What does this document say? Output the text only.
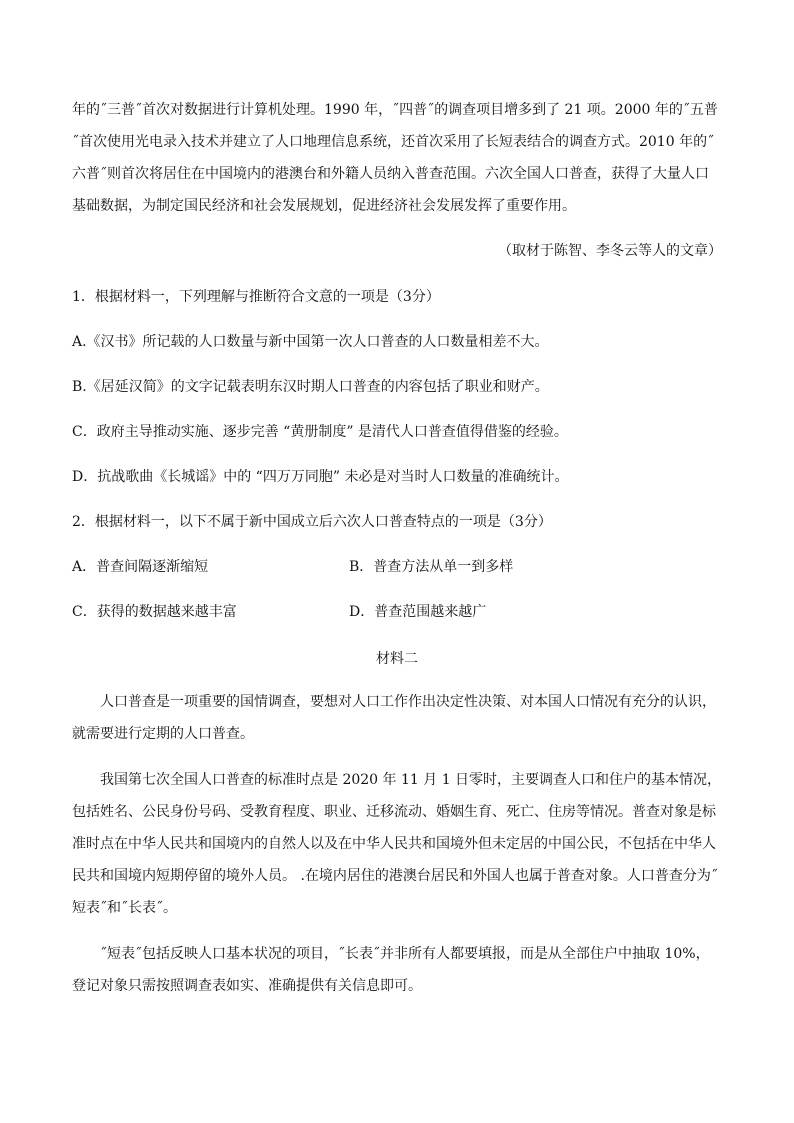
年的˝三普˝首次对数据进行计算机处理。1990 年，˝四普˝的调查项目增多到了 21 项。2000 年的˝五普˝首次使用光电录入技术并建立了人口地理信息系统，还首次采用了长短表结合的调查方式。2010 年的˝六普˝则首次将居住在中国境内的港澳台和外籍人员纳入普查范围。六次全国人口普查，获得了大量人口基础数据，为制定国民经济和社会发展规划，促进经济社会发展发挥了重要作用。

（取材于陈智、李冬云等人的文章）
1．根据材料一，下列理解与推断符合文意的一项是（3分）
A.《汉书》所记载的人口数量与新中国第一次人口普查的人口数量相差不大。
B.《居延汉简》的文字记载表明东汉时期人口普查的内容包括了职业和财产。
C．政府主导推动实施、逐步完善 “黄册制度” 是清代人口普查值得借鉴的经验。
D．抗战歌曲《长城谣》中的 “四万万同胞” 未必是对当时人口数量的准确统计。
2．根据材料一，以下不属于新中国成立后六次人口普查特点的一项是（3分）
A．普查间隔逐渐缩短	B．普查方法从单一到多样
C．获得的数据越来越丰富	D．普查范围越来越广
材料二

人口普查是一项重要的国情调查，要想对人口工作作出决定性决策、对本国人口情况有充分的认识，就需要进行定期的人口普查。

我国第七次全国人口普查的标准时点是 2020 年 11 月 1 日零时，主要调查人口和住户的基本情况，包括姓名、公民身份号码、受教育程度、职业、迁移流动、婚姻生育、死亡、住房等情况。普查对象是标准时点在中华人民共和国境内的自然人以及在中华人民共和国境外但未定居的中国公民，不包括在中华人民共和国境内短期停留的境外人员。 .在境内居住的港澳台居民和外国人也属于普查对象。人口普查分为˝短表˝和˝长表˝。

˝短表˝包括反映人口基本状况的项目，˝长表˝并非所有人都要填报，而是从全部住户中抽取 10%，登记对象只需按照调查表如实、准确提供有关信息即可。
